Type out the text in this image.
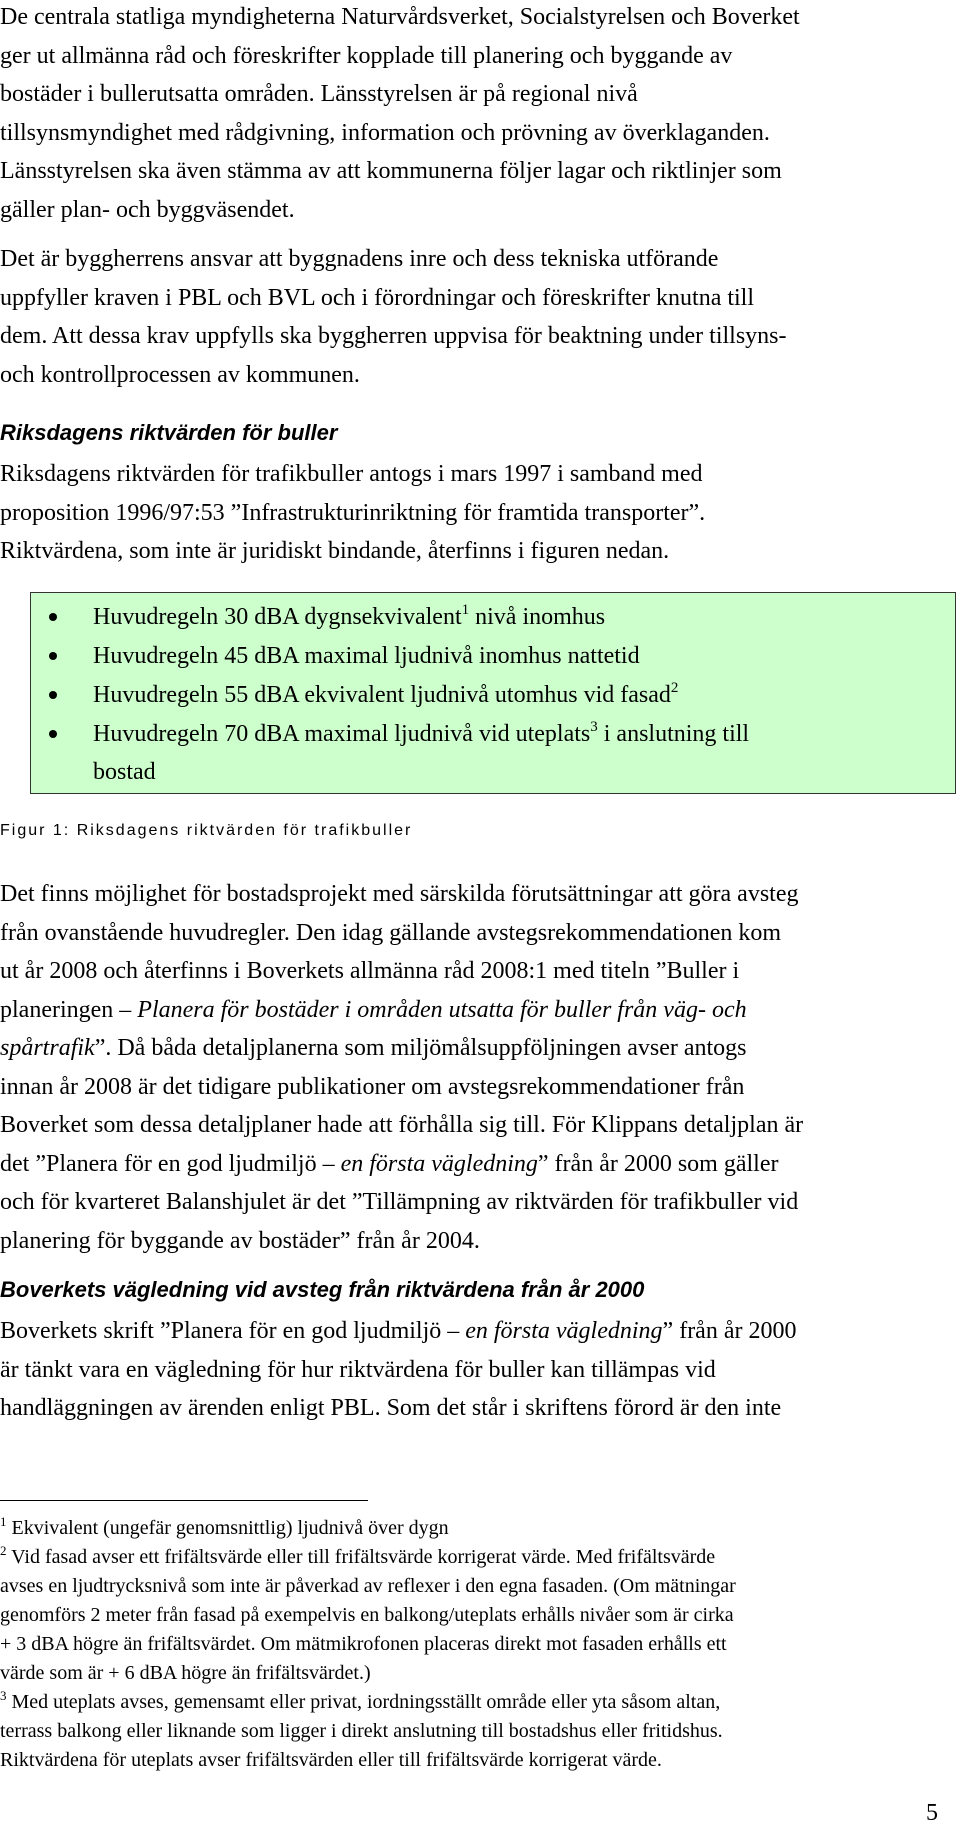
De centrala statliga myndigheterna Naturvårdsverket, Socialstyrelsen och Boverket
ger ut allmänna råd och föreskrifter kopplade till planering och byggande av
bostäder i bullerutsatta områden. Länsstyrelsen är på regional nivå
tillsynsmyndighet med rådgivning, information och prövning av överklaganden.
Länsstyrelsen ska även stämma av att kommunerna följer lagar och riktlinjer som
gäller plan- och byggväsendet.

Det är byggherrens ansvar att byggnadens inre och dess tekniska utförande
uppfyller kraven i PBL och BVL och i förordningar och föreskrifter knutna till
dem. Att dessa krav uppfylls ska byggherren uppvisa för beaktning under tillsyns-
och kontrollprocessen av kommunen.

Riksdagens riktvärden för buller

Riksdagens riktvärden för trafikbuller antogs i mars 1997 i samband med
proposition 1996/97:53 ”Infrastrukturinriktning för framtida transporter”.
Riktvärdena, som inte är juridiskt bindande, återfinns i figuren nedan.

Huvudregeln 30 dBA dygnsekvivalent$^1$ nivå inomhus
Huvudregeln 45 dBA maximal ljudnivå inomhus nattetid
Huvudregeln 55 dBA ekvivalent ljudnivå utomhus vid fasad$^2$
Huvudregeln 70 dBA maximal ljudnivå vid uteplats$^3$ i anslutning till
bostad
Figur 1: Riksdagens riktvärden för trafikbuller

Det finns möjlighet för bostadsprojekt med särskilda förutsättningar att göra avsteg
från ovanstående huvudregler. Den idag gällande avstegsrekommendationen kom
ut år 2008 och återfinns i Boverkets allmänna råd 2008:1 med titeln ”Buller i
planeringen – Planera för bostäder i områden utsatta för buller från väg- och
spårtrafik”. Då båda detaljplanerna som miljömålsuppföljningen avser antogs
innan år 2008 är det tidigare publikationer om avstegsrekommendationer från
Boverket som dessa detaljplaner hade att förhålla sig till. För Klippans detaljplan är
det ”Planera för en god ljudmiljö – en första vägledning” från år 2000 som gäller
och för kvarteret Balanshjulet är det ”Tillämpning av riktvärden för trafikbuller vid
planering för byggande av bostäder” från år 2004.

Boverkets vägledning vid avsteg från riktvärdena från år 2000

Boverkets skrift ”Planera för en god ljudmiljö – en första vägledning” från år 2000
är tänkt vara en vägledning för hur riktvärdena för buller kan tillämpas vid
handläggningen av ärenden enligt PBL. Som det står i skriftens förord är den inte

$^1$ Ekvivalent (ungefär genomsnittlig) ljudnivå över dygn
$^2$ Vid fasad avser ett frifältsvärde eller till frifältsvärde korrigerat värde. Med frifältsvärde
avses en ljudtrycksnivå som inte är påverkad av reflexer i den egna fasaden. (Om mätningar
genomförs 2 meter från fasad på exempelvis en balkong/uteplats erhålls nivåer som är cirka
+ 3 dBA högre än frifältsvärdet. Om mätmikrofonen placeras direkt mot fasaden erhålls ett
värde som är + 6 dBA högre än frifältsvärdet.)
$^3$ Med uteplats avses, gemensamt eller privat, iordningsställt område eller yta såsom altan,
terrass balkong eller liknande som ligger i direkt anslutning till bostadshus eller fritidshus.
Riktvärdena för uteplats avser frifältsvärden eller till frifältsvärde korrigerat värde.
5
